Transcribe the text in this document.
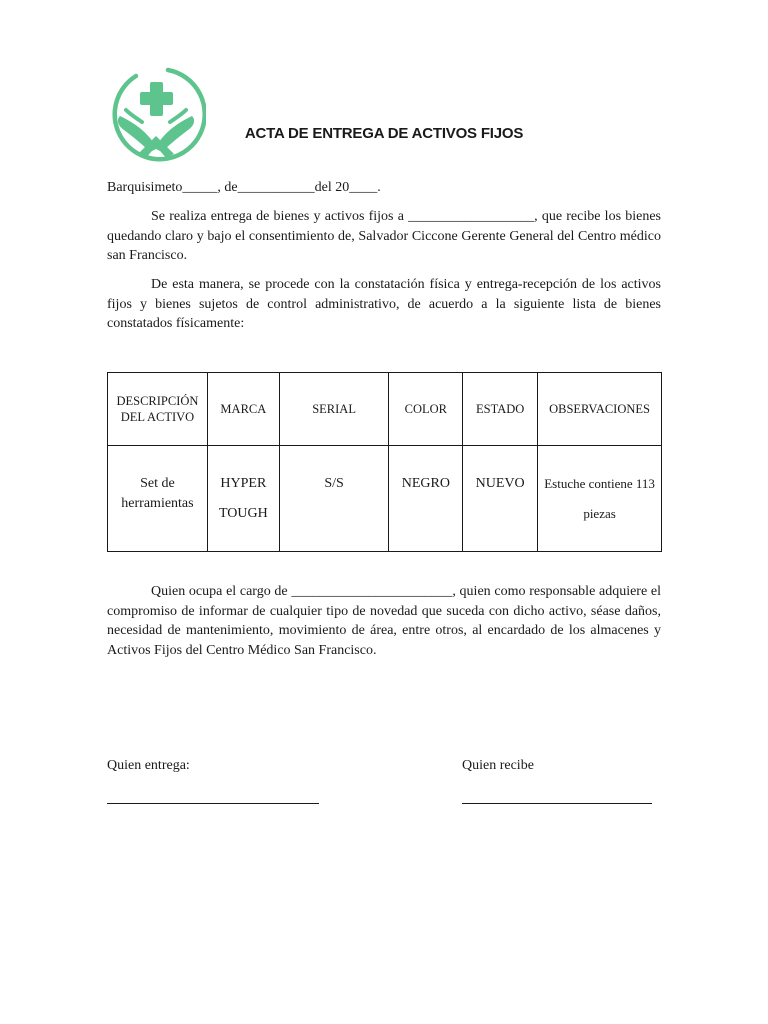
ACTA DE ENTREGA DE ACTIVOS FIJOS
Barquisimeto_____, de___________del 20____.
Se realiza entrega de bienes y activos fijos a __________________, que recibe los bienes quedando claro y bajo el consentimiento de, Salvador Ciccone Gerente General del Centro médico san Francisco.
De esta manera, se procede con la constatación física y entrega-recepción de los activos fijos y bienes sujetos de control administrativo, de acuerdo a la siguiente lista de bienes constatados físicamente:
DESCRIPCIÓN DEL ACTIVO	MARCA	SERIAL	COLOR	ESTADO	OBSERVACIONES
Set de herramientas	HYPER TOUGH	S/S	NEGRO	NUEVO	Estuche contiene 113 piezas
Quien ocupa el cargo de _______________________, quien como responsable adquiere el compromiso de informar de cualquier tipo de novedad que suceda con dicho activo, séase daños, necesidad de mantenimiento, movimiento de área, entre otros, al encardado de los almacenes y Activos Fijos del Centro Médico San Francisco.
Quien entrega:	Quien recibe
